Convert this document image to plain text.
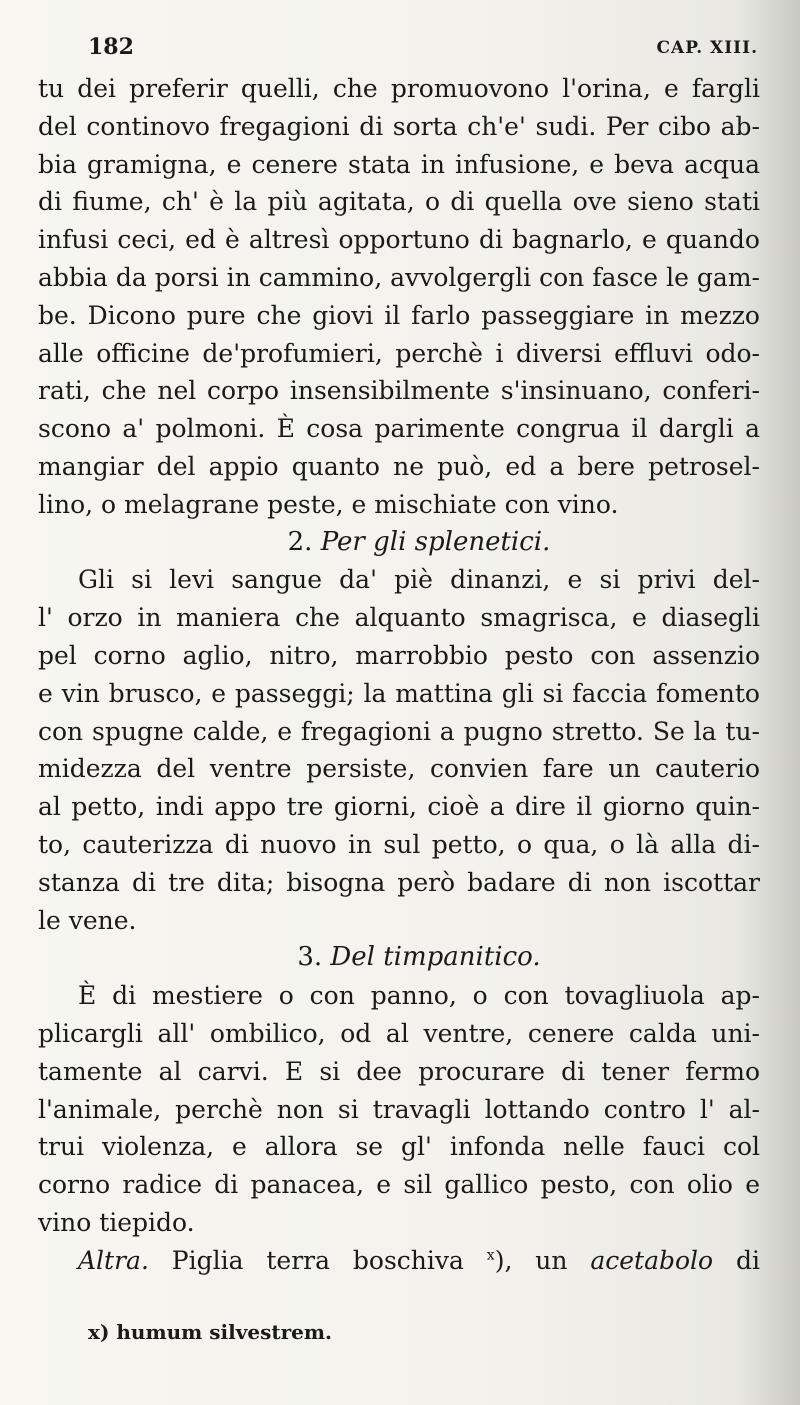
182	CAP. XIII.
tu dei preferir quelli, che promuovono l'orina, e fargli
del continovo fregagioni di sorta ch'e' sudi. Per cibo ab-
bia gramigna, e cenere stata in infusione, e beva acqua
di fiume, ch' è la più agitata, o di quella ove sieno stati
infusi ceci, ed è altresì opportuno di bagnarlo, e quando
abbia da porsi in cammino, avvolgergli con fasce le gam-
be. Dicono pure che giovi il farlo passeggiare in mezzo
alle officine de'profumieri, perchè i diversi effluvi odo-
rati, che nel corpo insensibilmente s'insinuano, conferi-
scono a' polmoni. È cosa parimente congrua il dargli a
mangiar del appio quanto ne può, ed a bere petrosel-
lino, o melagrane peste, e mischiate con vino.
2. Per gli splenetici.
Gli si levi sangue da' piè dinanzi, e si privi del-
l' orzo in maniera che alquanto smagrisca, e diasegli
pel corno aglio, nitro, marrobbio pesto con assenzio
e vin brusco, e passeggi; la mattina gli si faccia fomento
con spugne calde, e fregagioni a pugno stretto. Se la tu-
midezza del ventre persiste, convien fare un cauterio
al petto, indi appo tre giorni, cioè a dire il giorno quin-
to, cauterizza di nuovo in sul petto, o qua, o là alla di-
stanza di tre dita; bisogna però badare di non iscottar
le vene.
3. Del timpanitico.
È di mestiere o con panno, o con tovagliuola ap-
plicargli all' ombilico, od al ventre, cenere calda uni-
tamente al carvi. E si dee procurare di tener fermo
l'animale, perchè non si travagli lottando contro l' al-
trui violenza, e allora se gl' infonda nelle fauci col
corno radice di panacea, e sil gallico pesto, con olio e
vino tiepido.
Altra. Piglia terra boschiva $^x$), un acetabolo di
x) humum silvestrem.
